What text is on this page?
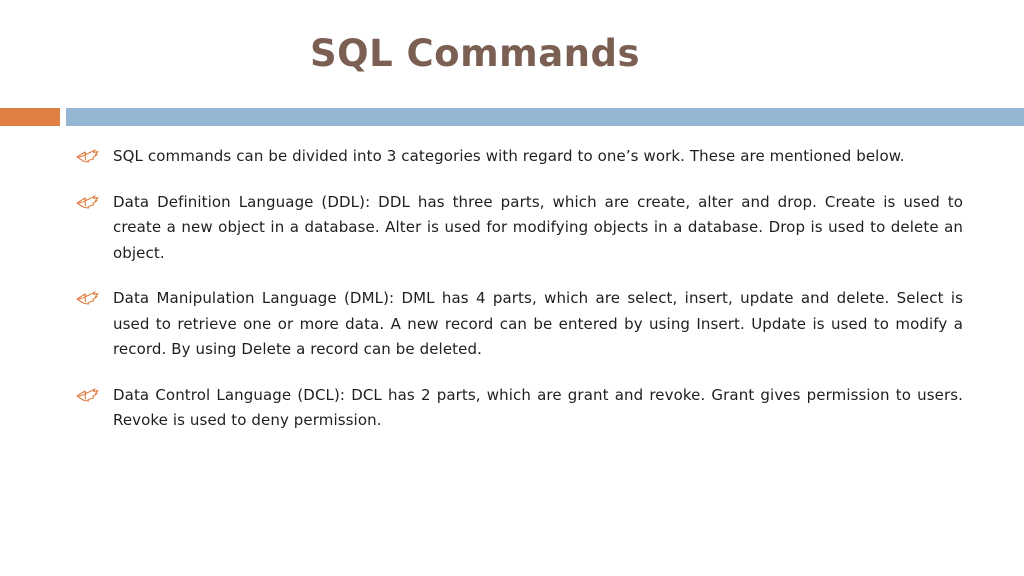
SQL Commands
SQL commands can be divided into 3 categories with regard to one’s work. These are mentioned below.
Data Definition Language (DDL): DDL has three parts, which are create, alter and drop. Create is used to create a new object in a database. Alter is used for modifying objects in a database. Drop is used to delete an object.
Data Manipulation Language (DML): DML has 4 parts, which are select, insert, update and delete. Select is used to retrieve one or more data. A new record can be entered by using Insert. Update is used to modify a record. By using Delete a record can be deleted.
Data Control Language (DCL): DCL has 2 parts, which are grant and revoke. Grant gives permission to users. Revoke is used to deny permission.
